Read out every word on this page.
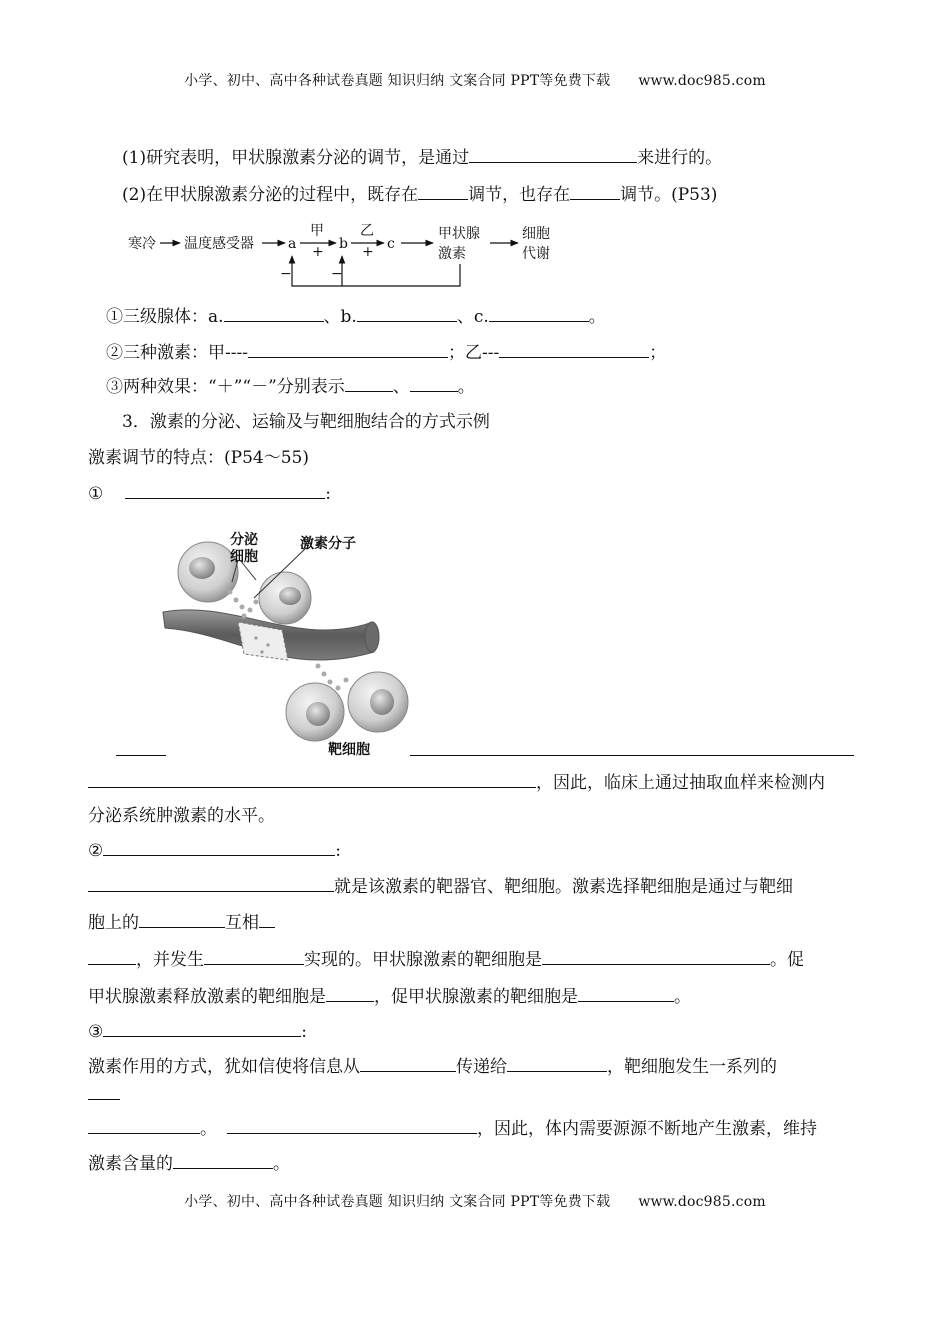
小学、初中、高中各种试卷真题 知识归纳 文案合同 PPT等免费下载 www.doc985.com
(1)研究表明，甲状腺激素分泌的调节，是通过	来进行的。
(2)在甲状腺激素分泌的过程中，既存在	调节，也存在	调节。(P53)
寒冷 温度感受器 a
甲
+ b
乙
+ c
甲状腺
激素
细胞
代谢
−	−
①三级腺体：a.	、b.	、c.	。
②三种激素：甲----	；乙---	；
③两种效果：“＋”“－”分别表示	、	。
3．激素的分泌、运输及与靶细胞结合的方式示例
激素调节的特点：(P54～55)
①	:
分泌
细胞
激素分子
靶细胞
，因此，临床上通过抽取血样来检测内
分泌系统肿激素的水平。
②	:
就是该激素的靶器官、靶细胞。激素选择靶细胞是通过与靶细
胞上的	互相
，并发生	实现的。甲状腺激素的靶细胞是	。促
甲状腺激素释放激素的靶细胞是	，促甲状腺激素的靶细胞是	。
③	:
激素作用的方式，犹如信使将信息从	传递给	，靶细胞发生一系列的
。	，因此，体内需要源源不断地产生激素，维持
激素含量的	。
小学、初中、高中各种试卷真题 知识归纳 文案合同 PPT等免费下载 www.doc985.com
